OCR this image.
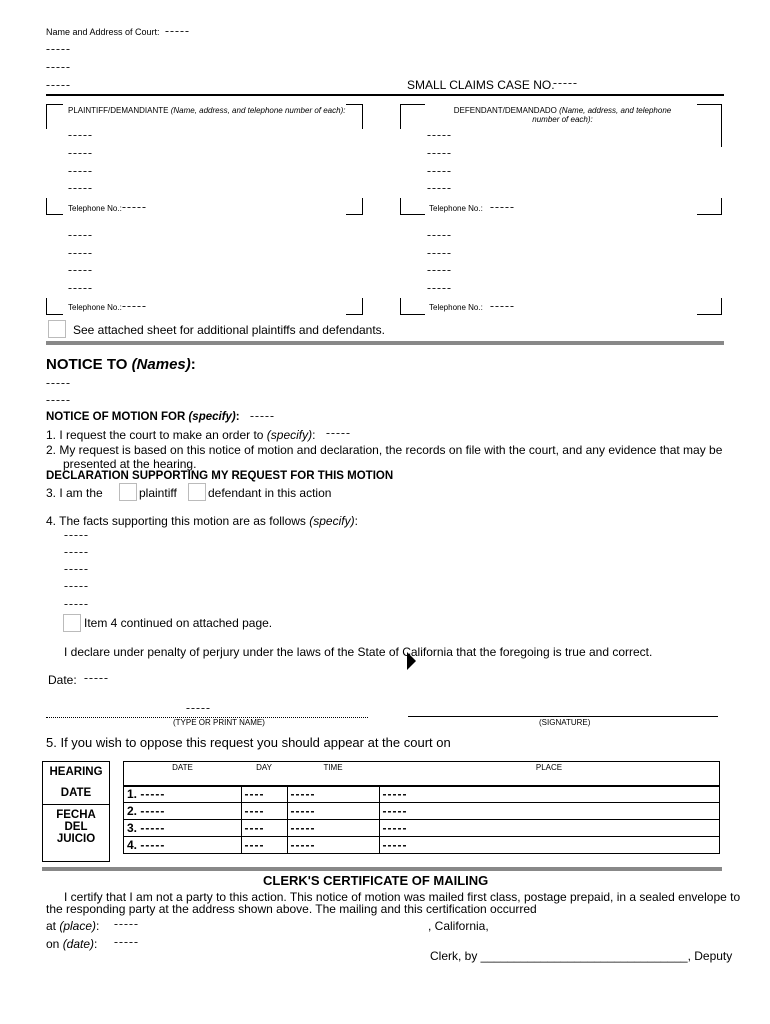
Name and Address of Court: -----
-----
-----
-----	SMALL CLAIMS CASE NO.
-----
PLAINTIFF/DEMANDIANTE (Name, address, and telephone number of each):
-----
-----
-----
-----
Telephone No.: -----
-----
-----
-----
-----
Telephone No.: -----
DEFENDANT/DEMANDADO (Name, address, and telephone number of each):
-----
-----
-----
-----
Telephone No.: -----
-----
-----
-----
-----
Telephone No.: -----
See attached sheet for additional plaintiffs and defendants.
NOTICE TO (Names):
-----
-----
NOTICE OF MOTION FOR (specify): -----
1. I request the court to make an order to (specify): -----
2. My request is based on this notice of motion and declaration, the records on file with the court, and any evidence that may be
presented at the hearing.
DECLARATION SUPPORTING MY REQUEST FOR THIS MOTION
3. I am the	plaintiff	defendant in this action
4. The facts supporting this motion are as follows (specify):
-----
-----
-----
-----
-----
Item 4 continued on attached page.
I declare under penalty of perjury under the laws of the State of California that the foregoing is true and correct.
Date: -----
-----
(TYPE OR PRINT NAME)	(SIGNATURE)
5. If you wish to oppose this request you should appear at the court on
HEARING
DATE
FECHA
DEL
JUICIO
DATE	DAY	TIME	PLACE
1. -----	----	-----	-----
2. -----	----	-----	-----
3. -----	----	-----	-----
4. -----	----	-----	-----
CLERK'S CERTIFICATE OF MAILING
I certify that I am not a party to this action. This notice of motion was mailed first class, postage prepaid, in a sealed envelope to
the responding party at the address shown above. The mailing and this certification occurred
at (place): -----	, California,
on (date): -----
Clerk, by _______________________________, Deputy
